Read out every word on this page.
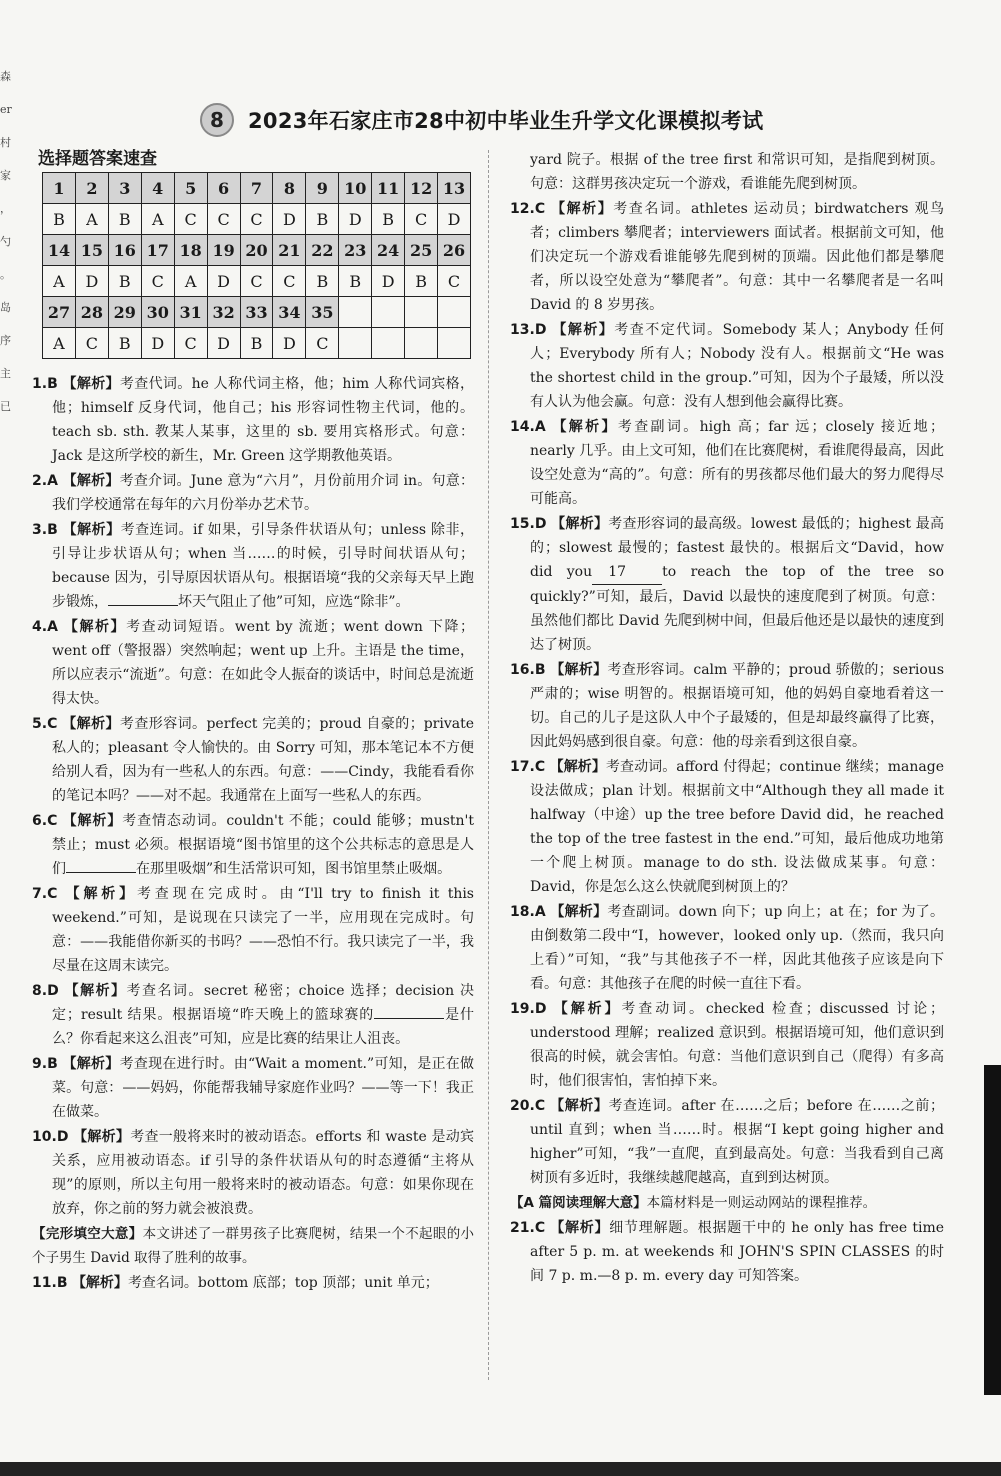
森
er
村
家
，
勺
。
岛
序
主
已
8	2023年石家庄市28中初中毕业生升学文化课模拟考试
选择题答案速查
1	2	3	4	5	6	7	8	9	10	11	12	13
B	A	B	A	C	C	C	D	B	D	B	C	D
14	15	16	17	18	19	20	21	22	23	24	25	26
A	D	B	C	A	D	C	C	B	B	D	B	C
27	28	29	30	31	32	33	34	35				
A	C	B	D	C	D	B	D	C				

1.B 【解析】考查代词。he 人称代词主格，他；him 人称代词宾格，他；himself 反身代词，他自己；his 形容词性物主代词，他的。teach sb. sth. 教某人某事，这里的 sb. 要用宾格形式。句意：Jack 是这所学校的新生，Mr. Green 这学期教他英语。

2.A 【解析】考查介词。June 意为“六月”，月份前用介词 in。句意：我们学校通常在每年的六月份举办艺术节。

3.B 【解析】考查连词。if 如果，引导条件状语从句；unless 除非，引导让步状语从句；when 当……的时候，引导时间状语从句；because 因为，引导原因状语从句。根据语境“我的父亲每天早上跑步锻炼，	坏天气阻止了他”可知，应选“除非”。

4.A 【解析】考查动词短语。went by 流逝；went down 下降；went off（警报器）突然响起；went up 上升。主语是 the time，所以应表示“流逝”。句意：在如此令人振奋的谈话中，时间总是流逝得太快。

5.C 【解析】考查形容词。perfect 完美的；proud 自豪的；private 私人的；pleasant 令人愉快的。由 Sorry 可知，那本笔记本不方便给别人看，因为有一些私人的东西。句意：——Cindy，我能看看你的笔记本吗？——对不起。我通常在上面写一些私人的东西。

6.C 【解析】考查情态动词。couldn't 不能；could 能够；mustn't 禁止；must 必须。根据语境“图书馆里的这个公共标志的意思是人们	在那里吸烟”和生活常识可知，图书馆里禁止吸烟。

7.C 【解析】考查现在完成时。由“I'll try to finish it this weekend.”可知，是说现在只读完了一半，应用现在完成时。句意：——我能借你新买的书吗？——恐怕不行。我只读完了一半，我尽量在这周末读完。

8.D 【解析】考查名词。secret 秘密；choice 选择；decision 决定；result 结果。根据语境“昨天晚上的篮球赛的	是什么？你看起来这么沮丧”可知，应是比赛的结果让人沮丧。

9.B 【解析】考查现在进行时。由“Wait a moment.”可知，是正在做菜。句意：——妈妈，你能帮我辅导家庭作业吗？——等一下！我正在做菜。

10.D 【解析】考查一般将来时的被动语态。efforts 和 waste 是动宾关系，应用被动语态。if 引导的条件状语从句的时态遵循“主将从现”的原则，所以主句用一般将来时的被动语态。句意：如果你现在放弃，你之前的努力就会被浪费。

【完形填空大意】本文讲述了一群男孩子比赛爬树，结果一个不起眼的小个子男生 David 取得了胜利的故事。

11.B 【解析】考查名词。bottom 底部；top 顶部；unit 单元；

yard 院子。根据 of the tree first 和常识可知，是指爬到树顶。句意：这群男孩决定玩一个游戏，看谁能先爬到树顶。

12.C 【解析】考查名词。athletes 运动员；birdwatchers 观鸟者；climbers 攀爬者；interviewers 面试者。根据前文可知，他们决定玩一个游戏看谁能够先爬到树的顶端。因此他们都是攀爬者，所以设空处意为“攀爬者”。句意：其中一名攀爬者是一名叫 David 的 8 岁男孩。

13.D 【解析】考查不定代词。Somebody 某人；Anybody 任何人；Everybody 所有人；Nobody 没有人。根据前文“He was the shortest child in the group.”可知，因为个子最矮，所以没有人认为他会赢。句意：没有人想到他会赢得比赛。

14.A 【解析】考查副词。high 高；far 远；closely 接近地；nearly 几乎。由上文可知，他们在比赛爬树，看谁爬得最高，因此设空处意为“高的”。句意：所有的男孩都尽他们最大的努力爬得尽可能高。

15.D 【解析】考查形容词的最高级。lowest 最低的；highest 最高的；slowest 最慢的；fastest 最快的。根据后文“David，how did you 17	to reach the top of the tree so quickly?”可知，最后，David 以最快的速度爬到了树顶。句意：虽然他们都比 David 先爬到树中间，但最后他还是以最快的速度到达了树顶。

16.B 【解析】考查形容词。calm 平静的；proud 骄傲的；serious 严肃的；wise 明智的。根据语境可知，他的妈妈自豪地看着这一切。自己的儿子是这队人中个子最矮的，但是却最终赢得了比赛，因此妈妈感到很自豪。句意：他的母亲看到这很自豪。

17.C 【解析】考查动词。afford 付得起；continue 继续；manage 设法做成；plan 计划。根据前文中“Although they all made it halfway（中途）up the tree before David did，he reached the top of the tree fastest in the end.”可知，最后他成功地第一个爬上树顶。manage to do sth. 设法做成某事。句意：David，你是怎么这么快就爬到树顶上的？

18.A 【解析】考查副词。down 向下；up 向上；at 在；for 为了。由倒数第二段中“I，however，looked only up.（然而，我只向上看）”可知，“我”与其他孩子不一样，因此其他孩子应该是向下看。句意：其他孩子在爬的时候一直往下看。

19.D 【解析】考查动词。checked 检查；discussed 讨论；understood 理解；realized 意识到。根据语境可知，他们意识到很高的时候，就会害怕。句意：当他们意识到自己（爬得）有多高时，他们很害怕，害怕掉下来。

20.C 【解析】考查连词。after 在……之后；before 在……之前；until 直到；when 当……时。根据“I kept going higher and higher”可知，“我”一直爬，直到最高处。句意：当我看到自己离树顶有多近时，我继续越爬越高，直到到达树顶。

【A 篇阅读理解大意】本篇材料是一则运动网站的课程推荐。

21.C 【解析】细节理解题。根据题干中的 he only has free time after 5 p. m. at weekends 和 JOHN'S SPIN CLASSES 的时间 7 p. m.—8 p. m. every day 可知答案。
